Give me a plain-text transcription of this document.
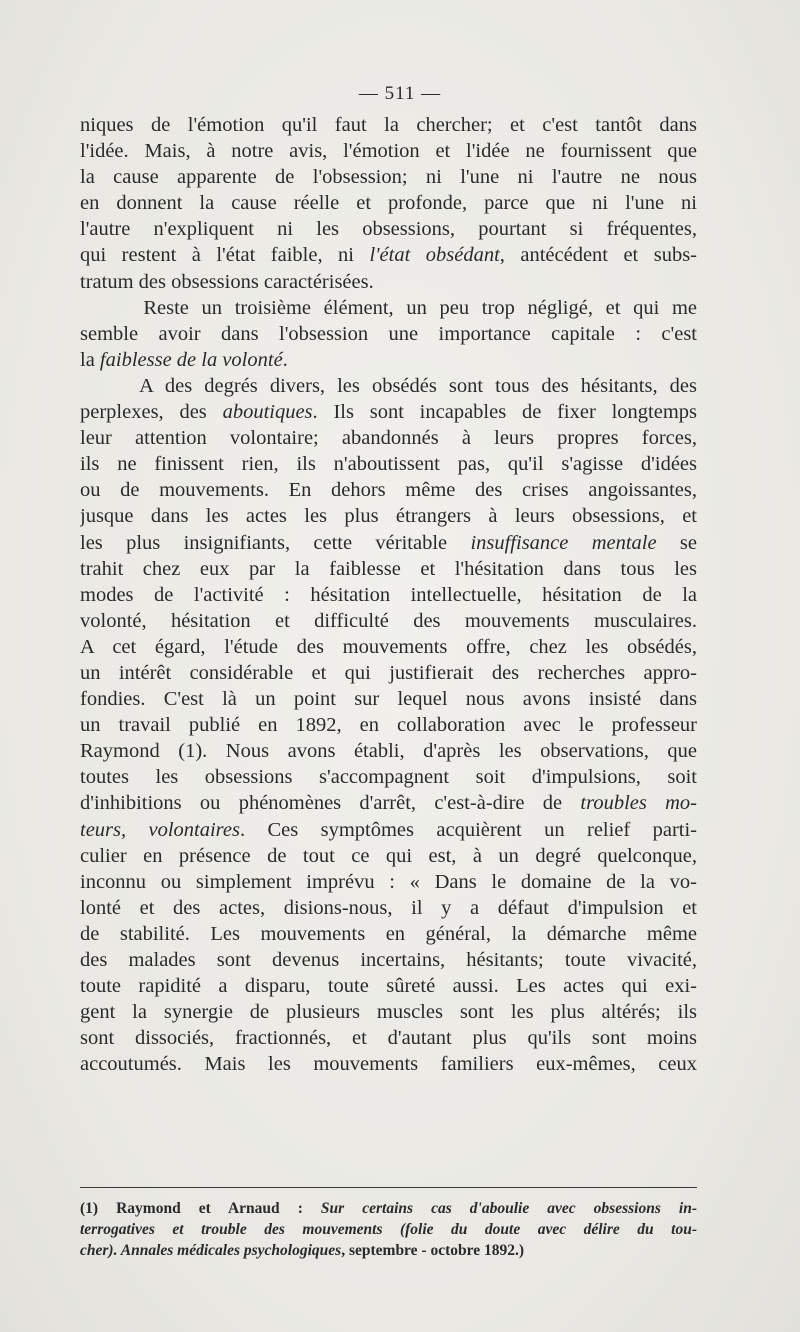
— 511 —
niques de l'émotion qu'il faut la chercher; et c'est tantôt dans
l'idée. Mais, à notre avis, l'émotion et l'idée ne fournissent que
la cause apparente de l'obsession; ni l'une ni l'autre ne nous
en donnent la cause réelle et profonde, parce que ni l'une ni
l'autre n'expliquent ni les obsessions, pourtant si fréquentes,
qui restent à l'état faible, ni l'état obsédant, antécédent et subs-
tratum des obsessions caractérisées.
Reste un troisième élément, un peu trop négligé, et qui me
semble avoir dans l'obsession une importance capitale : c'est
la faiblesse de la volonté.
A des degrés divers, les obsédés sont tous des hésitants, des
perplexes, des aboutiques. Ils sont incapables de fixer longtemps
leur attention volontaire; abandonnés à leurs propres forces,
ils ne finissent rien, ils n'aboutissent pas, qu'il s'agisse d'idées
ou de mouvements. En dehors même des crises angoissantes,
jusque dans les actes les plus étrangers à leurs obsessions, et
les plus insignifiants, cette véritable insuffisance mentale se
trahit chez eux par la faiblesse et l'hésitation dans tous les
modes de l'activité : hésitation intellectuelle, hésitation de la
volonté, hésitation et difficulté des mouvements musculaires.
A cet égard, l'étude des mouvements offre, chez les obsédés,
un intérêt considérable et qui justifierait des recherches appro-
fondies. C'est là un point sur lequel nous avons insisté dans
un travail publié en 1892, en collaboration avec le professeur
Raymond (1). Nous avons établi, d'après les observations, que
toutes les obsessions s'accompagnent soit d'impulsions, soit
d'inhibitions ou phénomènes d'arrêt, c'est-à-dire de troubles mo-
teurs, volontaires. Ces symptômes acquièrent un relief parti-
culier en présence de tout ce qui est, à un degré quelconque,
inconnu ou simplement imprévu : « Dans le domaine de la vo-
lonté et des actes, disions-nous, il y a défaut d'impulsion et
de stabilité. Les mouvements en général, la démarche même
des malades sont devenus incertains, hésitants; toute vivacité,
toute rapidité a disparu, toute sûreté aussi. Les actes qui exi-
gent la synergie de plusieurs muscles sont les plus altérés; ils
sont dissociés, fractionnés, et d'autant plus qu'ils sont moins
accoutumés. Mais les mouvements familiers eux-mêmes, ceux
(1) Raymond et Arnaud : Sur certains cas d'aboulie avec obsessions in-
terrogatives et trouble des mouvements (folie du doute avec délire du tou-
cher). Annales médicales psychologiques, septembre - octobre 1892.)
